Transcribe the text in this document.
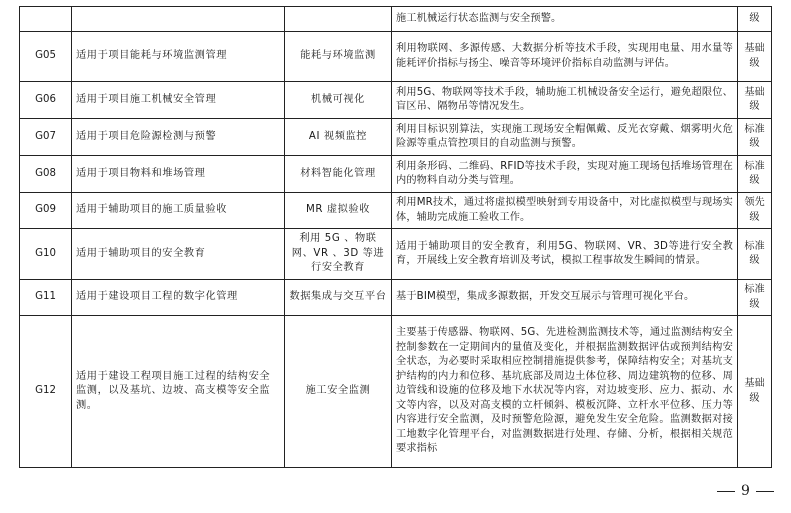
			施工机械运行状态监测与安全预警。	级
G05	适用于项目能耗与环境监测管理	能耗与环境监测	利用物联网、多源传感、大数据分析等技术手段，实现用电量、用水量等能耗评价指标与扬尘、噪音等环境评价指标自动监测与评估。	基础级
G06	适用于项目施工机械安全管理	机械可视化	利用5G、物联网等技术手段，辅助施工机械设备安全运行，避免超限位、盲区吊、隔物吊等情况发生。	基础级
G07	适用于项目危险源检测与预警	AI 视频监控	利用目标识别算法，实现施工现场安全帽佩戴、反光衣穿戴、烟雾明火危险源等重点管控项目的自动监测与预警。	标准级
G08	适用于项目物料和堆场管理	材料智能化管理	利用条形码、二维码、RFID等技术手段，实现对施工现场包括堆场管理在内的物料自动分类与管理。	标准级
G09	适用于辅助项目的施工质量验收	MR 虚拟验收	利用MR技术，通过将虚拟模型映射到专用设备中，对比虚拟模型与现场实体，辅助完成施工验收工作。	领先级
G10	适用于辅助项目的安全教育	利用 5G 、物联网、VR 、3D 等进行安全教育	适用于辅助项目的安全教育，利用5G、物联网、VR、3D等进行安全教育，开展线上安全教育培训及考试，模拟工程事故发生瞬间的情景。	标准级
G11	适用于建设项目工程的数字化管理	数据集成与交互平台	基于BIM模型，集成多源数据，开发交互展示与管理可视化平台。	标准级
G12	适用于建设工程项目施工过程的结构安全监测，以及基坑、边坡、高支模等安全监测。	施工安全监测	主要基于传感器、物联网、5G、先进检测监测技术等，通过监测结构安全控制参数在一定期间内的量值及变化，并根据监测数据评估或预判结构安全状态，为必要时采取相应控制措施提供参考，保障结构安全；对基坑支护结构的内力和位移、基坑底部及周边土体位移、周边建筑物的位移、周边管线和设施的位移及地下水状况等内容，对边坡变形、应力、振动、水文等内容，以及对高支模的立杆倾斜、模板沉降、立杆水平位移、压力等内容进行安全监测，及时预警危险源，避免发生安全危险。监测数据对接工地数字化管理平台，对监测数据进行处理、存储、分析，根据相关规范要求指标	基础级
9
